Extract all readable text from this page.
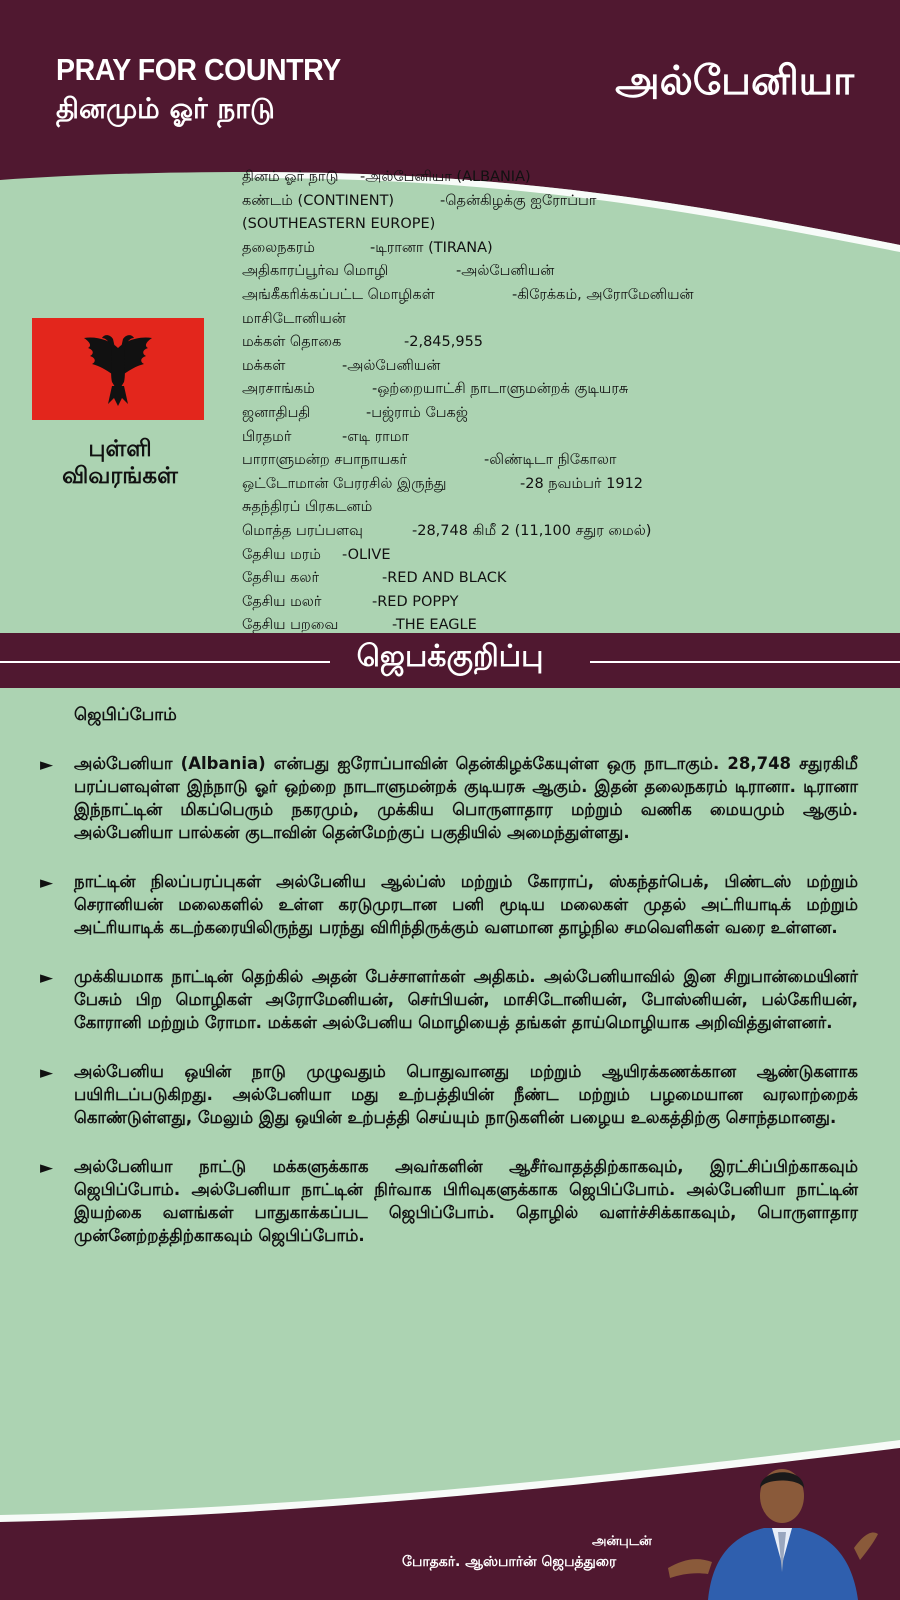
PRAY FOR COUNTRY
தினமும் ஓர் நாடு
அல்பேனியா
புள்ளி
விவரங்கள்
தினம் ஓர் நாடு	-அல்பேனியா (ALBANIA)
கண்டம் (CONTINENT)	-தென்கிழக்கு ஐரோப்பா
(SOUTHEASTERN EUROPE)
தலைநகரம்	-டிரானா (TIRANA)
அதிகாரப்பூர்வ மொழி	-அல்பேனியன்
அங்கீகரிக்கப்பட்ட மொழிகள்	-கிரேக்கம், அரோமேனியன்
மாசிடோனியன்
மக்கள் தொகை	-2,845,955
மக்கள்	-அல்பேனியன்
அரசாங்கம்	-ஒற்றையாட்சி நாடாளுமன்றக் குடியரசு
ஜனாதிபதி	-பஜ்ராம் பேகஜ்
பிரதமர்	-எடி ராமா
பாராளுமன்ற சபாநாயகர்	-லிண்டிடா நிகோலா
ஒட்டோமான் பேரரசில் இருந்து	-28 நவம்பர் 1912
சுதந்திரப் பிரகடனம்
மொத்த பரப்பளவு	-28,748 கிமீ 2 (11,100 சதுர மைல்)
தேசிய மரம்	-OLIVE
தேசிய கலர்	-RED AND BLACK
தேசிய மலர்	-RED POPPY
தேசிய பறவை	-THE EAGLE
ஜெபக்குறிப்பு
ஜெபிப்போம்
► அல்பேனியா (Albania) என்பது ஐரோப்பாவின் தென்கிழக்கேயுள்ள ஒரு நாடாகும். 28,748 சதுரகிமீ பரப்பளவுள்ள இந்நாடு ஓர் ஒற்றை நாடாளுமன்றக் குடியரசு ஆகும். இதன் தலைநகரம் டிரானா. டிரானா இந்நாட்டின் மிகப்பெரும் நகரமும், முக்கிய பொருளாதார மற்றும் வணிக மையமும் ஆகும். அல்பேனியா பால்கன் குடாவின் தென்மேற்குப் பகுதியில் அமைந்துள்ளது.
► நாட்டின் நிலப்பரப்புகள் அல்பேனிய ஆல்ப்ஸ் மற்றும் கோராப், ஸ்கந்தர்பெக், பிண்டஸ் மற்றும் செரானியன் மலைகளில் உள்ள கரடுமுரடான பனி மூடிய மலைகள் முதல் அட்ரியாடிக் மற்றும் அட்ரியாடிக் கடற்கரையிலிருந்து பரந்து விரிந்திருக்கும் வளமான தாழ்நில சமவெளிகள் வரை உள்ளன.
► முக்கியமாக நாட்டின் தெற்கில் அதன் பேச்சாளர்கள் அதிகம். அல்பேனியாவில் இன சிறுபான்மையினர் பேசும் பிற மொழிகள் அரோமேனியன், செர்பியன், மாசிடோனியன், போஸ்னியன், பல்கேரியன், கோரானி மற்றும் ரோமா. மக்கள் அல்பேனிய மொழியைத் தங்கள் தாய்மொழியாக அறிவித்துள்ளனர்.
► அல்பேனிய ஒயின் நாடு முழுவதும் பொதுவானது மற்றும் ஆயிரக்கணக்கான ஆண்டுகளாக பயிரிடப்படுகிறது. அல்பேனியா மது உற்பத்தியின் நீண்ட மற்றும் பழமையான வரலாற்றைக் கொண்டுள்ளது, மேலும் இது ஒயின் உற்பத்தி செய்யும் நாடுகளின் பழைய உலகத்திற்கு சொந்தமானது.
► அல்பேனியா நாட்டு மக்களுக்காக அவர்களின் ஆசீர்வாதத்திற்காகவும், இரட்சிப்பிற்காகவும் ஜெபிப்போம். அல்பேனியா நாட்டின் நிர்வாக பிரிவுகளுக்காக ஜெபிப்போம். அல்பேனியா நாட்டின் இயற்கை வளங்கள் பாதுகாக்கப்பட ஜெபிப்போம். தொழில் வளர்ச்சிக்காகவும், பொருளாதார முன்னேற்றத்திற்காகவும் ஜெபிப்போம்.
அன்புடன்
போதகர். ஆஸ்பார்ன் ஜெபத்துரை
